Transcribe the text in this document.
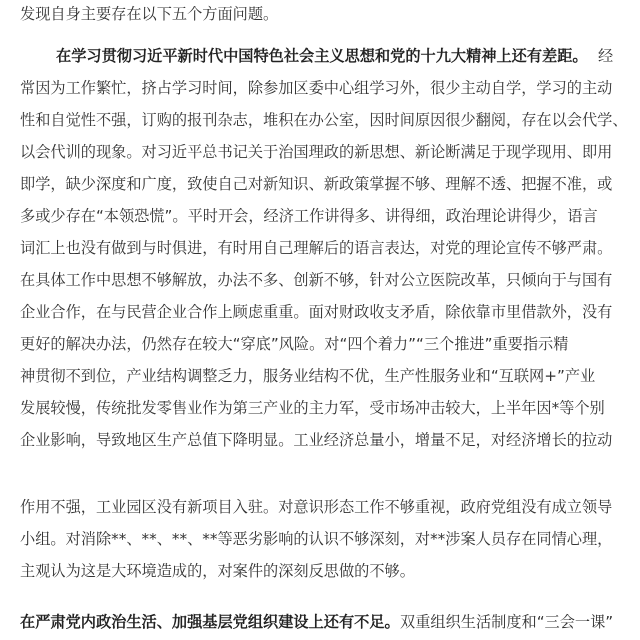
发现自身主要存在以下五个方面问题。
在学习贯彻习近平新时代中国特色社会主义思想和党的十九大精神上还有差距。 经
常因为工作繁忙，挤占学习时间，除参加区委中心组学习外，很少主动自学，学习的主动
性和自觉性不强，订购的报刊杂志，堆积在办公室，因时间原因很少翻阅，存在以会代学、
以会代训的现象。对习近平总书记关于治国理政的新思想、新论断满足于现学现用、即用
即学，缺少深度和广度，致使自己对新知识、新政策掌握不够、理解不透、把握不准，或
多或少存在“本领恐慌”。平时开会，经济工作讲得多、讲得细，政治理论讲得少，语言
词汇上也没有做到与时俱进，有时用自己理解后的语言表达，对党的理论宣传不够严肃。
在具体工作中思想不够解放，办法不多、创新不够，针对公立医院改革，只倾向于与国有
企业合作，在与民营企业合作上顾虑重重。面对财政收支矛盾，除依靠市里借款外，没有
更好的解决办法，仍然存在较大“穿底”风险。对“四个着力”“三个推进”重要指示精
神贯彻不到位，产业结构调整乏力，服务业结构不优，生产性服务业和“互联网+”产业
发展较慢，传统批发零售业作为第三产业的主力军，受市场冲击较大，上半年因*等个别
企业影响，导致地区生产总值下降明显。工业经济总量小，增量不足，对经济增长的拉动
作用不强，工业园区没有新项目入驻。对意识形态工作不够重视，政府党组没有成立领导
小组。对消除**、**、**、**等恶劣影响的认识不够深刻，对**涉案人员存在同情心理，
主观认为这是大环境造成的，对案件的深刻反思做的不够。
在严肃党内政治生活、加强基层党组织建设上还有不足。 双重组织生活制度和“三会一课”
